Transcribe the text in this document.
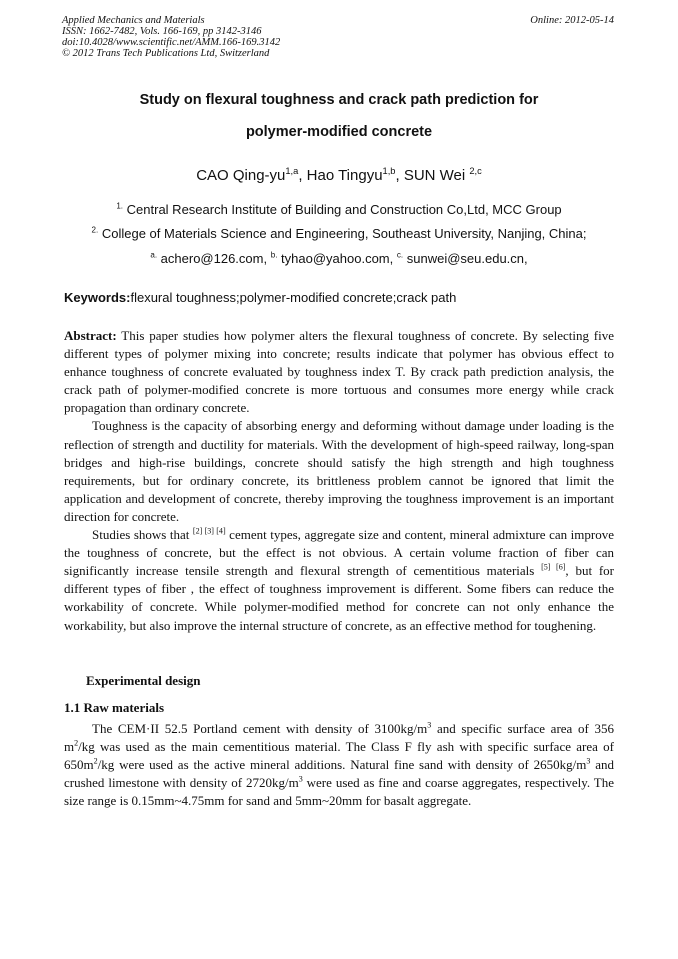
Applied Mechanics and Materials
ISSN: 1662-7482, Vols. 166-169, pp 3142-3146
doi:10.4028/www.scientific.net/AMM.166-169.3142
© 2012 Trans Tech Publications Ltd, Switzerland
Online: 2012-05-14
Study on flexural toughness and crack path prediction for
polymer-modified concrete
CAO Qing-yu$^{1,a}$, Hao Tingyu$^{1,b}$, SUN Wei $^{2,c}$
$^{1.}$ Central Research Institute of Building and Construction Co,Ltd, MCC Group
$^{2.}$ College of Materials Science and Engineering, Southeast University, Nanjing, China;
$^{a.}$ achero@126.com, $^{b.}$ tyhao@yahoo.com, $^{c.}$ sunwei@seu.edu.cn,
Keywords:flexural toughness;polymer-modified concrete;crack path

Abstract: This paper studies how polymer alters the flexural toughness of concrete. By selecting five different types of polymer mixing into concrete; results indicate that polymer has obvious effect to enhance toughness of concrete evaluated by toughness index T. By crack path prediction analysis, the crack path of polymer-modified concrete is more tortuous and consumes more energy while crack propagation than ordinary concrete.

Toughness is the capacity of absorbing energy and deforming without damage under loading is the reflection of strength and ductility for materials. With the development of high-speed railway, long-span bridges and high-rise buildings, concrete should satisfy the high strength and high toughness requirements, but for ordinary concrete, its brittleness problem cannot be ignored that limit the application and development of concrete, thereby improving the toughness improvement is an important direction for concrete.

Studies shows that [2] [3] [4] cement types, aggregate size and content, mineral admixture can improve the toughness of concrete, but the effect is not obvious. A certain volume fraction of fiber can significantly increase tensile strength and flexural strength of cementitious materials [5] [6], but for different types of fiber , the effect of toughness improvement is different. Some fibers can reduce the workability of concrete. While polymer-modified method for concrete can not only enhance the workability, but also improve the internal structure of concrete, as an effective method for toughening.

Experimental design
1.1 Raw materials

The CEM·II 52.5 Portland cement with density of $3100kg/m^3$ and specific surface area of 356 $m^2/kg$ was used as the main cementitious material. The Class F fly ash with specific surface area of $650m^2/kg$ were used as the active mineral additions. Natural fine sand with density of $2650kg/m^3$ and crushed limestone with density of $2720kg/m^3$ were used as fine and coarse aggregates, respectively. The size range is 0.15mm~4.75mm for sand and 5mm~20mm for basalt aggregate.
